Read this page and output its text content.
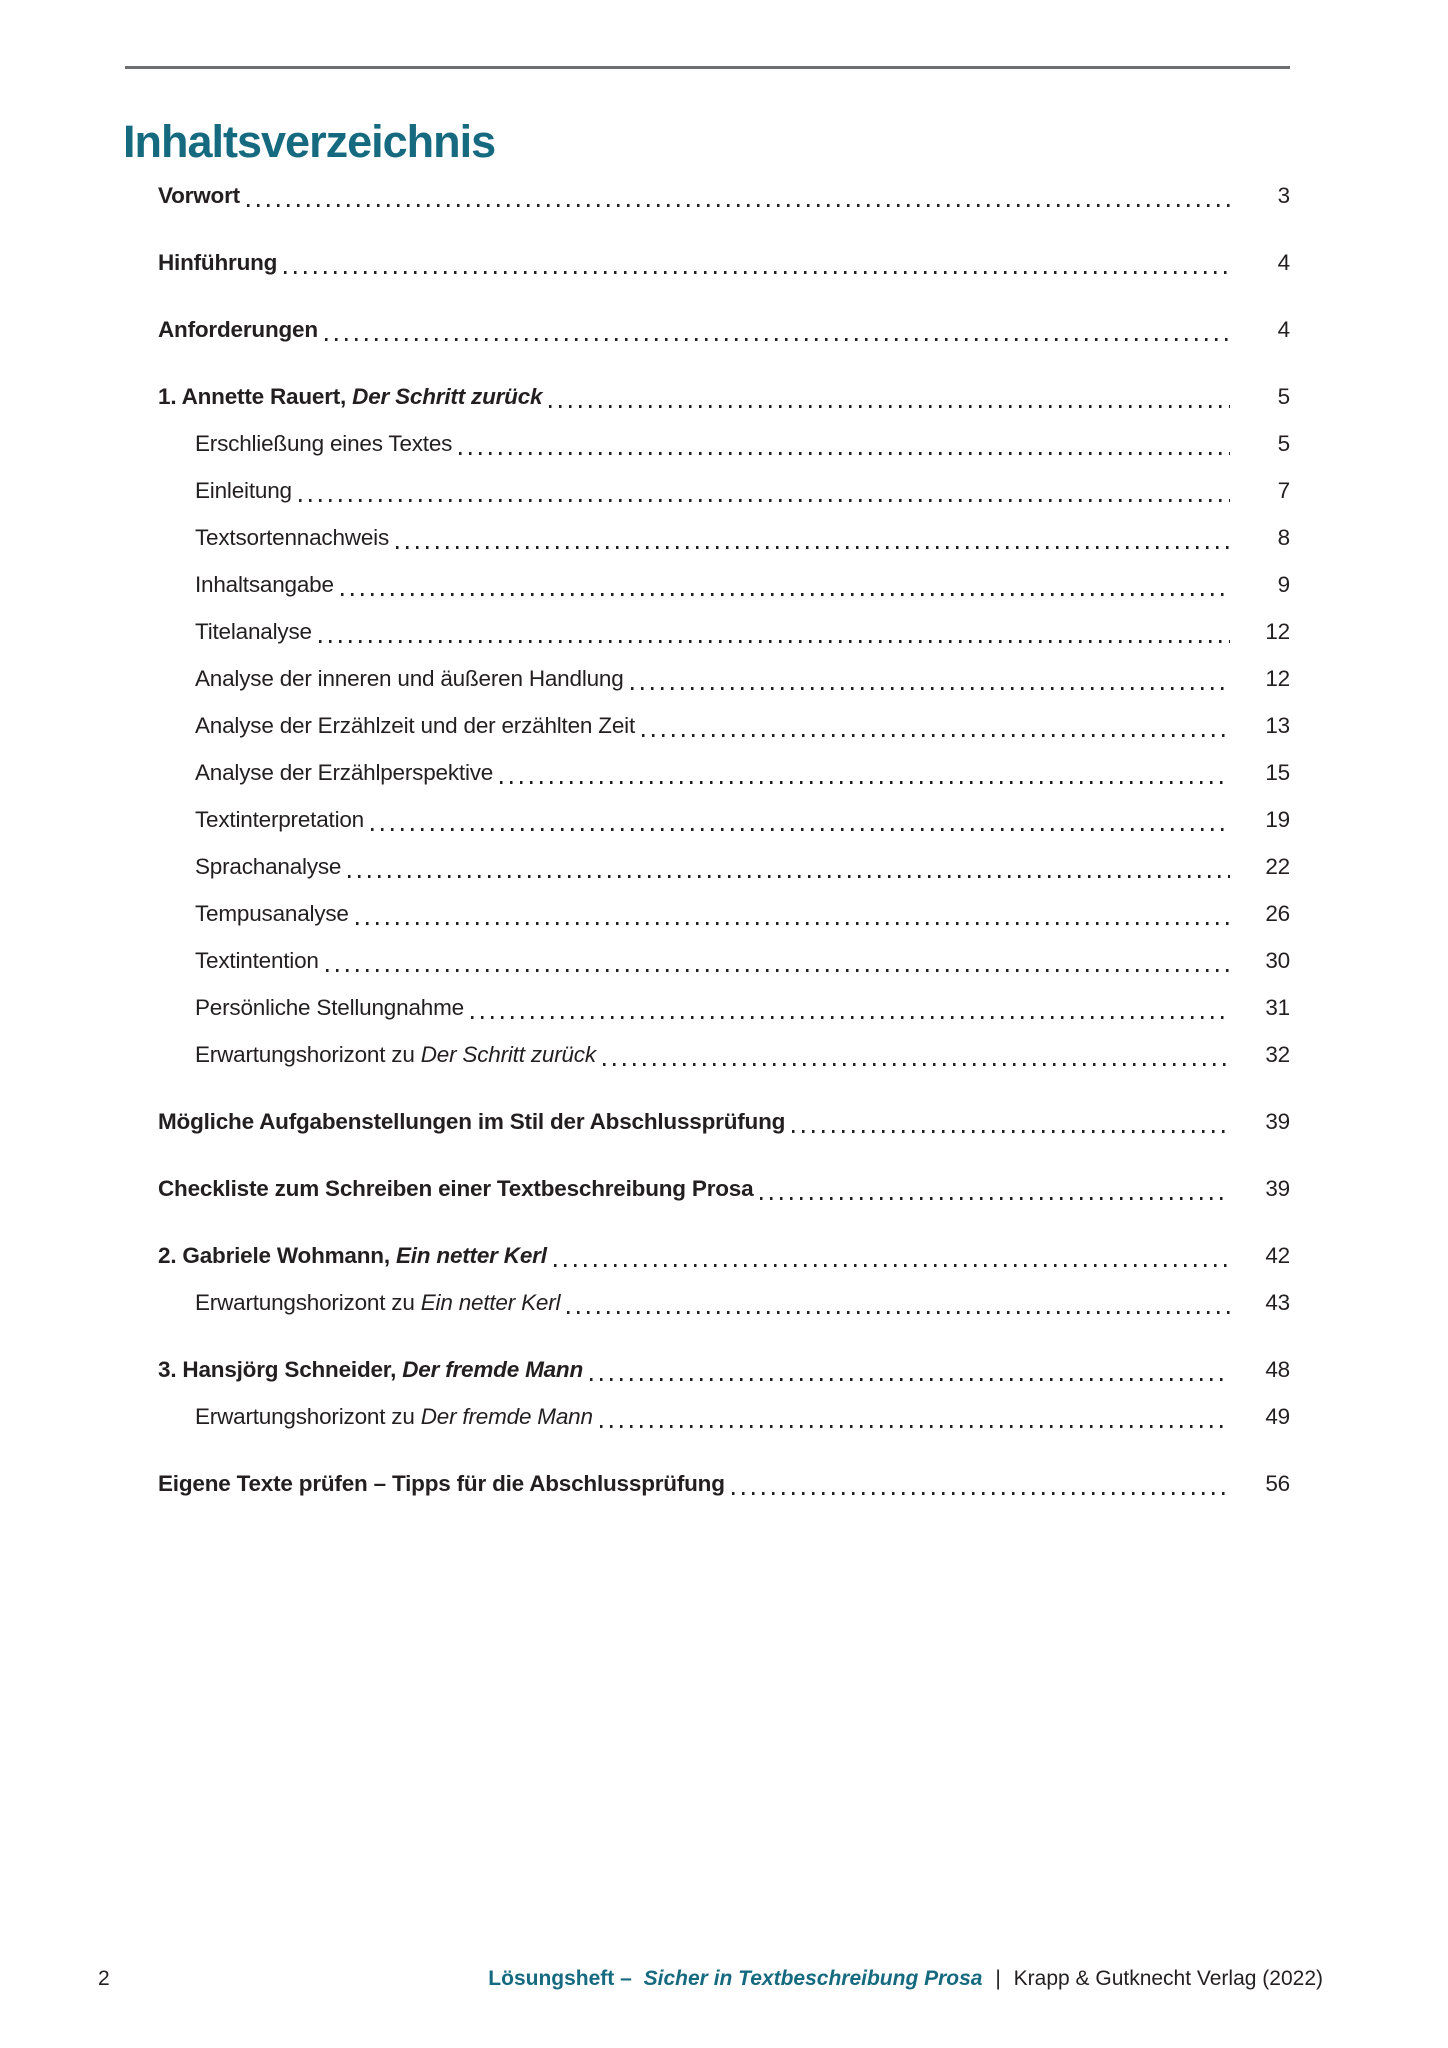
Inhaltsverzeichnis
Vorwort	3
Hinführung	4
Anforderungen	4
1. Annette Rauert, Der Schritt zurück	5
Erschließung eines Textes	5
Einleitung	7
Textsortennachweis	8
Inhaltsangabe	9
Titelanalyse	12
Analyse der inneren und äußeren Handlung	12
Analyse der Erzählzeit und der erzählten Zeit	13
Analyse der Erzählperspektive	15
Textinterpretation	19
Sprachanalyse	22
Tempusanalyse	26
Textintention	30
Persönliche Stellungnahme	31
Erwartungshorizont zu Der Schritt zurück	32
Mögliche Aufgabenstellungen im Stil der Abschlussprüfung	39
Checkliste zum Schreiben einer Textbeschreibung Prosa	39
2. Gabriele Wohmann, Ein netter Kerl	42
Erwartungshorizont zu Ein netter Kerl	43
3. Hansjörg Schneider, Der fremde Mann	48
Erwartungshorizont zu Der fremde Mann	49
Eigene Texte prüfen – Tipps für die Abschlussprüfung	56
2	Lösungsheft – Sicher in Textbeschreibung Prosa | Krapp & Gutknecht Verlag (2022)
